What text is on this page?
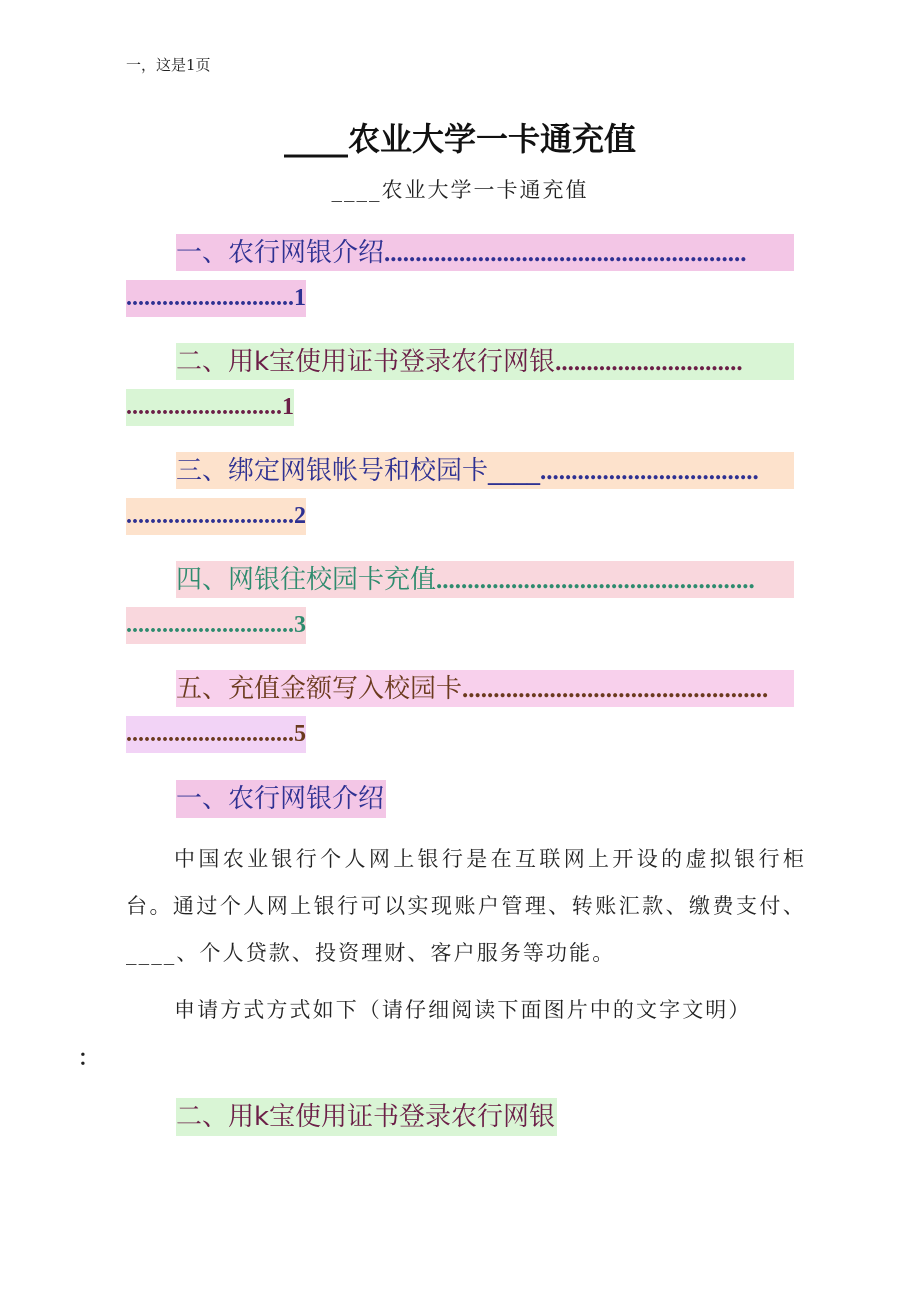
一，这是1页
____农业大学一卡通充值
____农业大学一卡通充值
一、农行网银介绍..........................................................
............................1
二、用k宝使用证书登录农行网银..............................
..........................1
三、绑定网银帐号和校园卡____...................................
............................2
四、网银往校园卡充值...................................................
............................3
五、充值金额写入校园卡.................................................
............................5
一、农行网银介绍
中国农业银行个人网上银行是在互联网上开设的虚拟银行柜台。通过个人网上银行可以实现账户管理、转账汇款、缴费支付、____、个人贷款、投资理财、客户服务等功能。
申请方式方式如下（请仔细阅读下面图片中的文字文明）
：
二、用k宝使用证书登录农行网银
